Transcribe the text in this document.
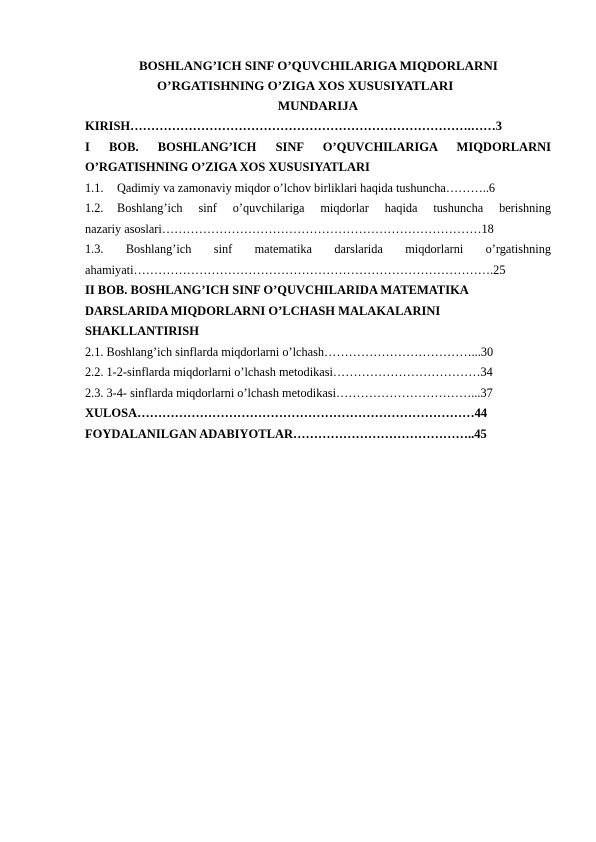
BOSHLANG’ICH SINF O’QUVCHILARIGA MIQDORLARNI
O’RGATISHNING O’ZIGA XOS XUSUSIYATLARI
MUNDARIJA
KIRISH……………………………………………………………………….……3
I BOB. BOSHLANG’ICH SINF O’QUVCHILARIGA MIQDORLARNI
O’RGATISHNING O’ZIGA XOS XUSUSIYATLARI
1.1. Qadimiy va zamonaviy miqdor o’lchov birliklari haqida tushuncha………..6
1.2.	Boshlang’ich sinf o’quvchilariga miqdorlar haqida tushuncha berishning
nazariy asoslari……………………………………………………………………18
1.3. Boshlang’ich sinf matematika darslarida miqdorlarni o’rgatishning
ahamiyati…………………………………………………………………………….25
II BOB. BOSHLANG’ICH SINF O’QUVCHILARIDA MATEMATIKA
DARSLARIDA MIQDORLARNI O’LCHASH MALAKALARINI
SHAKLLANTIRISH
2.1. Boshlang’ich sinflarda miqdorlarni o’lchash………………………………...30
2.2. 1-2-sinflarda miqdorlarni o’lchash metodikasi………………………………34
2.3. 3-4- sinflarda miqdorlarni o’lchash metodikasi……………………………...37
XULOSA………………………………………………………………………44
FOYDALANILGAN ADABIYOTLAR……………………………………..45
